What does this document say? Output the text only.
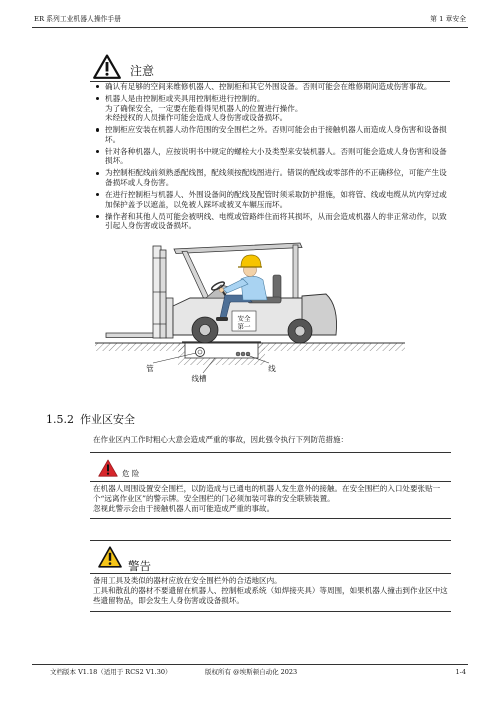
ER 系列工业机器人操作手册	第 1 章安全
注意
确认有足够的空间来维修机器人、控制柜和其它外围设备。否则可能会在维修期间造成伤害事故。
机器人是由控制柜或夹具用控制柜进行控制的。
为了确保安全，一定要在能看得见机器人的位置进行操作。
未经授权的人员操作可能会造成人身伤害或设备损坏。
控制柜应安装在机器人动作范围的安全围栏之外。否则可能会由于接触机器人而造成人身伤害和设备损坏。
针对各种机器人，应按说明书中规定的螺栓大小及类型来安装机器人。否则可能会造成人身伤害和设备损坏。
为控制柜配线前须熟悉配线图，配线须按配线图进行。错误的配线或零部件的不正确移位，可能产生设备损坏或人身伤害。
在进行控制柜与机器人、外围设备间的配线及配管时须采取防护措施，如将管、线或电缆从坑内穿过或加保护盖予以遮盖，以免被人踩坏或被叉车辗压而坏。
操作者和其他人员可能会被明线、电缆或管路绊住而将其损坏，从而会造成机器人的非正常动作，以致引起人身伤害或设备损坏。
安全
第一
管	线
线槽
1.5.2 作业区安全
在作业区内工作时粗心大意会造成严重的事故，因此强令执行下列防范措施：
危 险

在机器人周围设置安全围栏，以防造成与已通电的机器人发生意外的接触。在安全围栏的入口处要张贴一个“远离作业区”的警示牌。安全围栏的门必须加装可靠的安全联锁装置。

忽视此警示会由于接触机器人而可能造成严重的事故。

警告

备用工具及类似的器材应放在安全围栏外的合适地区内。

工具和散乱的器材不要遗留在机器人、控制柜或系统（如焊接夹具）等周围，如果机器人撞击到作业区中这些遗留物品，即会发生人身伤害或设备损坏。

文档版本 V1.18（适用于 RCS2 V1.30）	版权所有 @埃斯顿自动化 2023	1-4
